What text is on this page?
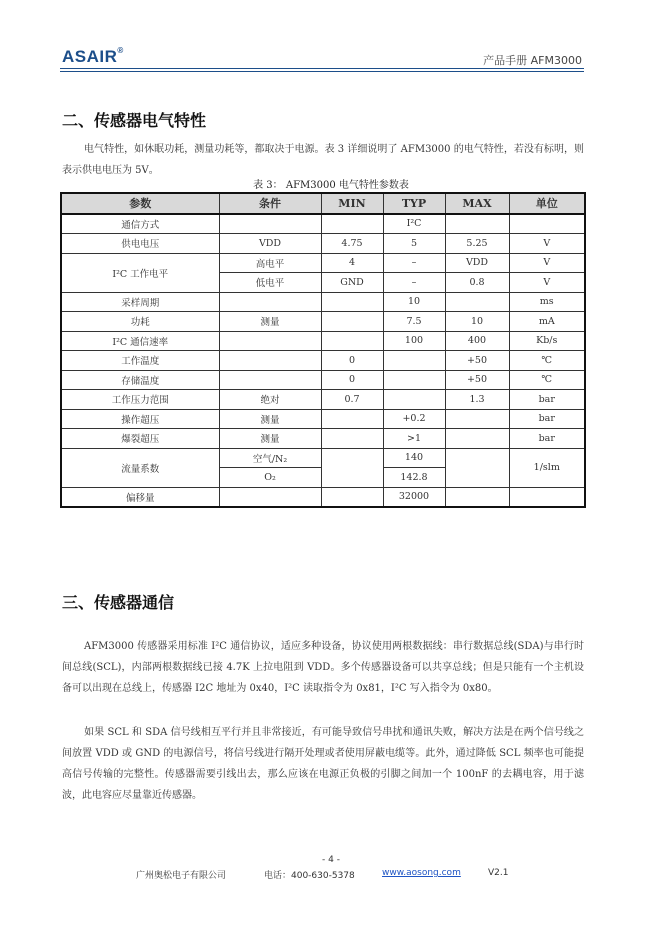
ASAIR®
产品手册 AFM3000
二、传感器电气特性

电气特性，如休眠功耗，测量功耗等，都取决于电源。表 3 详细说明了 AFM3000 的电气特性，若没有标明，则表示供电电压为 5V。

表 3： AFM3000 电气特性参数表
参数	条件	MIN	TYP	MAX	单位
通信方式			I²C		
供电电压	VDD	4.75	5	5.25	V
I²C 工作电平	高电平	4	–	VDD	V
	低电平	GND	–	0.8	V
采样周期			10		ms
功耗	测量		7.5	10	mA
I²C 通信速率			100	400	Kb/s
工作温度		0		+50	℃
存储温度		0		+50	℃
工作压力范围	绝对	0.7		1.3	bar
操作超压	测量		+0.2		bar
爆裂超压	测量		>1		bar
流量系数	空气/N₂		140		1/slm
	O₂		142.8		
偏移量			32000		
三、传感器通信

AFM3000 传感器采用标准 I²C 通信协议，适应多种设备，协议使用两根数据线：串行数据总线(SDA)与串行时间总线(SCL)，内部两根数据线已接 4.7K 上拉电阻到 VDD。多个传感器设备可以共享总线；但是只能有一个主机设备可以出现在总线上，传感器 I2C 地址为 0x40，I²C 读取指令为 0x81，I²C 写入指令为 0x80。

如果 SCL 和 SDA 信号线相互平行并且非常接近，有可能导致信号串扰和通讯失败，解决方法是在两个信号线之间放置 VDD 或 GND 的电源信号，将信号线进行隔开处理或者使用屏蔽电缆等。此外，通过降低 SCL 频率也可能提高信号传输的完整性。传感器需要引线出去，那么应该在电源正负极的引脚之间加一个 100nF 的去耦电容，用于滤波，此电容应尽量靠近传感器。

- 4 -
广州奥松电子有限公司	电话：400-630-5378	www.aosong.com	V2.1
